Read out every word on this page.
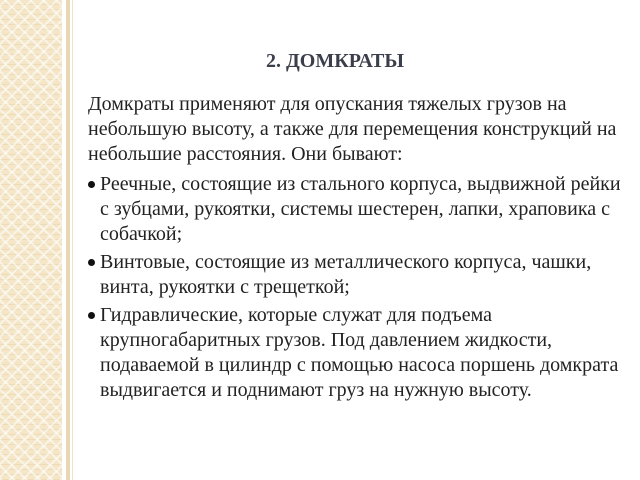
2. ДОМКРАТЫ

Домкраты применяют для опускания тяжелых грузов на небольшую высоту, а также для перемещения конструкций на небольшие расстояния. Они бывают:

Реечные, состоящие из стального корпуса, выдвижной рейки с зубцами, рукоятки, системы шестерен, лапки, храповика с собачкой;
Винтовые, состоящие из металлического корпуса, чашки, винта, рукоятки с трещеткой;
Гидравлические, которые служат для подъема крупногабаритных грузов. Под давлением жидкости, подаваемой в цилиндр с помощью насоса поршень домкрата выдвигается и поднимают груз на нужную высоту.
